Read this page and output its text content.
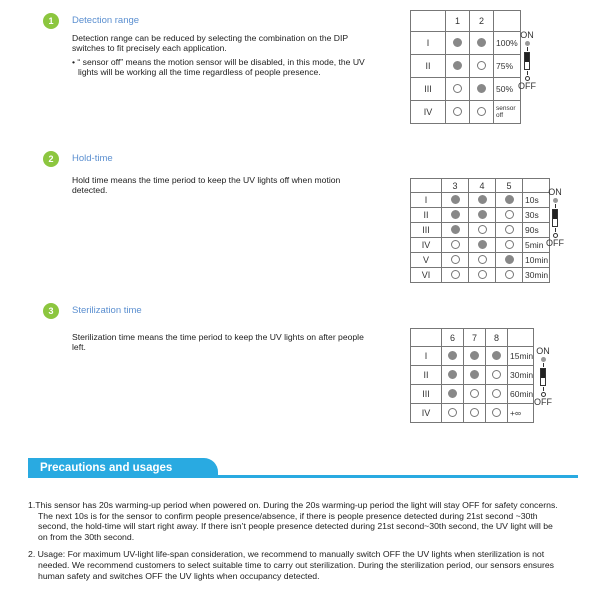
1	Detection range

Detection range can be reduced by selecting the combination on the DIP switches to fit precisely each application.

• “ sensor off” means the motion sensor will be disabled, in this mode, the UV lights will be working all the time regardless of people presence.

	1	2	
I			100%
II			75%
III			50%
IV			sensor off
ON
OFF
2	Hold-time

Hold time means the time period to keep the UV lights off when motion detected.

		3	4	5	
I				10s
II				30s
III				90s
IV				5min
V				10min
VI				30min
ON
OFF
3	Sterilization time

Sterilization time means the time period to keep the UV lights on after people left.

	6	7	8	
I				15min
II				30min
III				60min
IV				+∞
ON
OFF
Precautions and usages

1.This sensor has 20s warming-up period when powered on. During the 20s warming-up period the light will stay OFF for safety concerns. The next 10s is for the sensor to confirm people presence/absence, if there is people presence detected during 21st second ~30th second, the hold-time will start right away. If there isn’t people presence detected during 21st second~30th second, the UV light will be on from the 30th second.

2. Usage: For maximum UV-light life-span consideration, we recommend to manually switch OFF the UV lights when sterilization is not needed. We recommend customers to select suitable time to carry out sterilization. During the sterilization period, our sensors ensures human safety and switches OFF the UV lights when occupancy detected.
